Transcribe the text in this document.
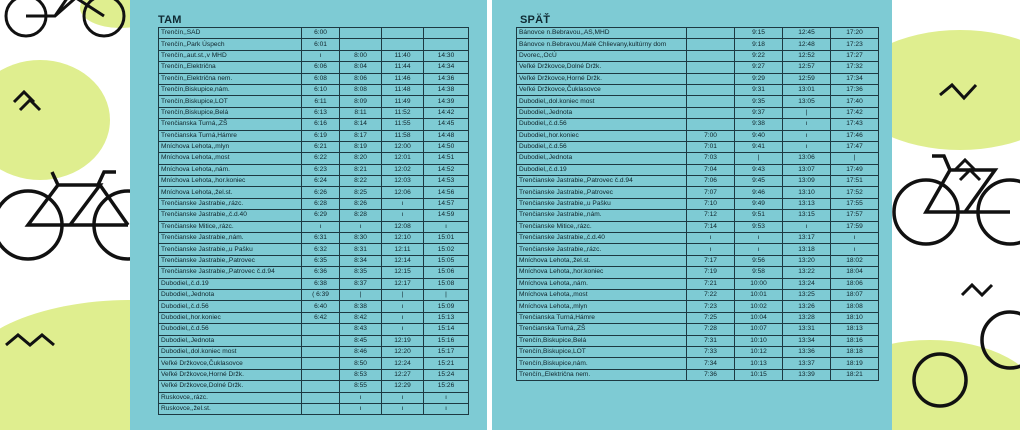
TAM
Trenčín,,SAD	6:00			
Trenčín,,Park Úspech	6:01			
Trenčín,,aut.st.,v MHD	ı	8:00	11:40	14:30
Trenčín,,Električna	6:06	8:04	11:44	14:34
Trenčín,,Električna nem.	6:08	8:06	11:46	14:36
Trenčín,Biskupice,nám.	6:10	8:08	11:48	14:38
Trenčín,Biskupice,LOT	6:11	8:09	11:49	14:39
Trenčín,Biskupice,Belá	6:13	8:11	11:52	14:42
Trenčianska Turná,,ZŠ	6:16	8:14	11:55	14:45
Trenčianska Turná,Hámre	6:19	8:17	11:58	14:48
Mníchova Lehota,,mlyn	6:21	8:19	12:00	14:50
Mníchova Lehota,,most	6:22	8:20	12:01	14:51
Mníchova Lehota,,nám.	6:23	8:21	12:02	14:52
Mníchova Lehota,,hor.koniec	6:24	8:22	12:03	14:53
Mníchova Lehota,,žel.st.	6:26	8:25	12:06	14:56
Trenčianske Jastrabie,,rázc.	6:28	8:26	ı	14:57
Trenčianske Jastrabie,,č.d.40	6:29	8:28	ı	14:59
Trenčianske Mitice,,rázc.	ı	ı	12:08	ı
Trenčianske Jastrabie,,nám.	6:31	8:30	12:10	15:01
Trenčianske Jastrabie,,u Pašku	6:32	8:31	12:11	15:02
Trenčianske Jastrabie,,Patrovec	6:35	8:34	12:14	15:05
Trenčianske Jastrabie,,Patrovec č.d.94	6:36	8:35	12:15	15:06
Dubodiel,,č.d.19	6:38	8:37	12:17	15:08
Dubodiel,,Jednota	( 6:39	|	|	|
Dubodiel,,č.d.56	6:40	8:38	ı	15:09
Dubodiel,,hor.koniec	6:42	8:42	ı	15:13
Dubodiel,,č.d.56		8:43	ı	15:14
Dubodiel,,Jednota		8:45	12:19	15:16
Dubodiel,,dol.koniec most		8:46	12:20	15:17
Veľké Držkovce,Čuklasovce		8:50	12:24	15:21
Veľké Držkovce,Horné Držk.		8:53	12:27	15:24
Veľké Držkovce,Dolné Držk.		8:55	12:29	15:26
Ruskovce,,rázc.		ı	ı	ı
Ruskovce,,žel.st.		ı	ı	ı
SPÄŤ
Bánovce n.Bebravou,,AS,MHD		9:15	12:45	17:20
Bánovce n.Bebravou,Malé Chlievany,kultúrny dom		9:18	12:48	17:23
Dvorec,,OcÚ		9:22	12:52	17:27
Veľké Držkovce,Dolné Držk.		9:27	12:57	17:32
Veľké Držkovce,Horné Držk.		9:29	12:59	17:34
Veľké Držkovce,Čuklasovce		9:31	13:01	17:36
Dubodiel,,dol.koniec most		9:35	13:05	17:40
Dubodiel,,Jednota		9:37	|	17:42
Dubodiel,,č.d.56		9:38	ı	17:43
Dubodiel,,hor.koniec	7:00	9:40	ı	17:46
Dubodiel,,č.d.56	7:01	9:41	ı	17:47
Dubodiel,,Jednota	7:03	|	13:06	|
Dubodiel,,č.d.19	7:04	9:43	13:07	17:49
Trenčianske Jastrabie,,Patrovec č.d.94	7:06	9:45	13:09	17:51
Trenčianske Jastrabie,,Patrovec	7:07	9:46	13:10	17:52
Trenčianske Jastrabie,,u Pašku	7:10	9:49	13:13	17:55
Trenčianske Jastrabie,,nám.	7:12	9:51	13:15	17:57
Trenčianske Mitice,,rázc.	7:14	9:53	ı	17:59
Trenčianske Jastrabie,,č.d.40	ı	ı	13:17	ı
Trenčianske Jastrabie,,rázc.	ı	ı	13:18	ı
Mníchova Lehota,,žel.st.	7:17	9:56	13:20	18:02
Mníchova Lehota,,hor.koniec	7:19	9:58	13:22	18:04
Mníchova Lehota,,nám.	7:21	10:00	13:24	18:06
Mníchova Lehota,,most	7:22	10:01	13:25	18:07
Mníchova Lehota,,mlyn	7:23	10:02	13:26	18:08
Trenčianska Turná,Hámre	7:25	10:04	13:28	18:10
Trenčianska Turná,,ZŠ	7:28	10:07	13:31	18:13
Trenčín,Biskupice,Belá	7:31	10:10	13:34	18:16
Trenčín,Biskupice,LOT	7:33	10:12	13:36	18:18
Trenčín,Biskupice,nám.	7:34	10:13	13:37	18:19
Trenčín,,Električna nem.	7:36	10:15	13:39	18:21
